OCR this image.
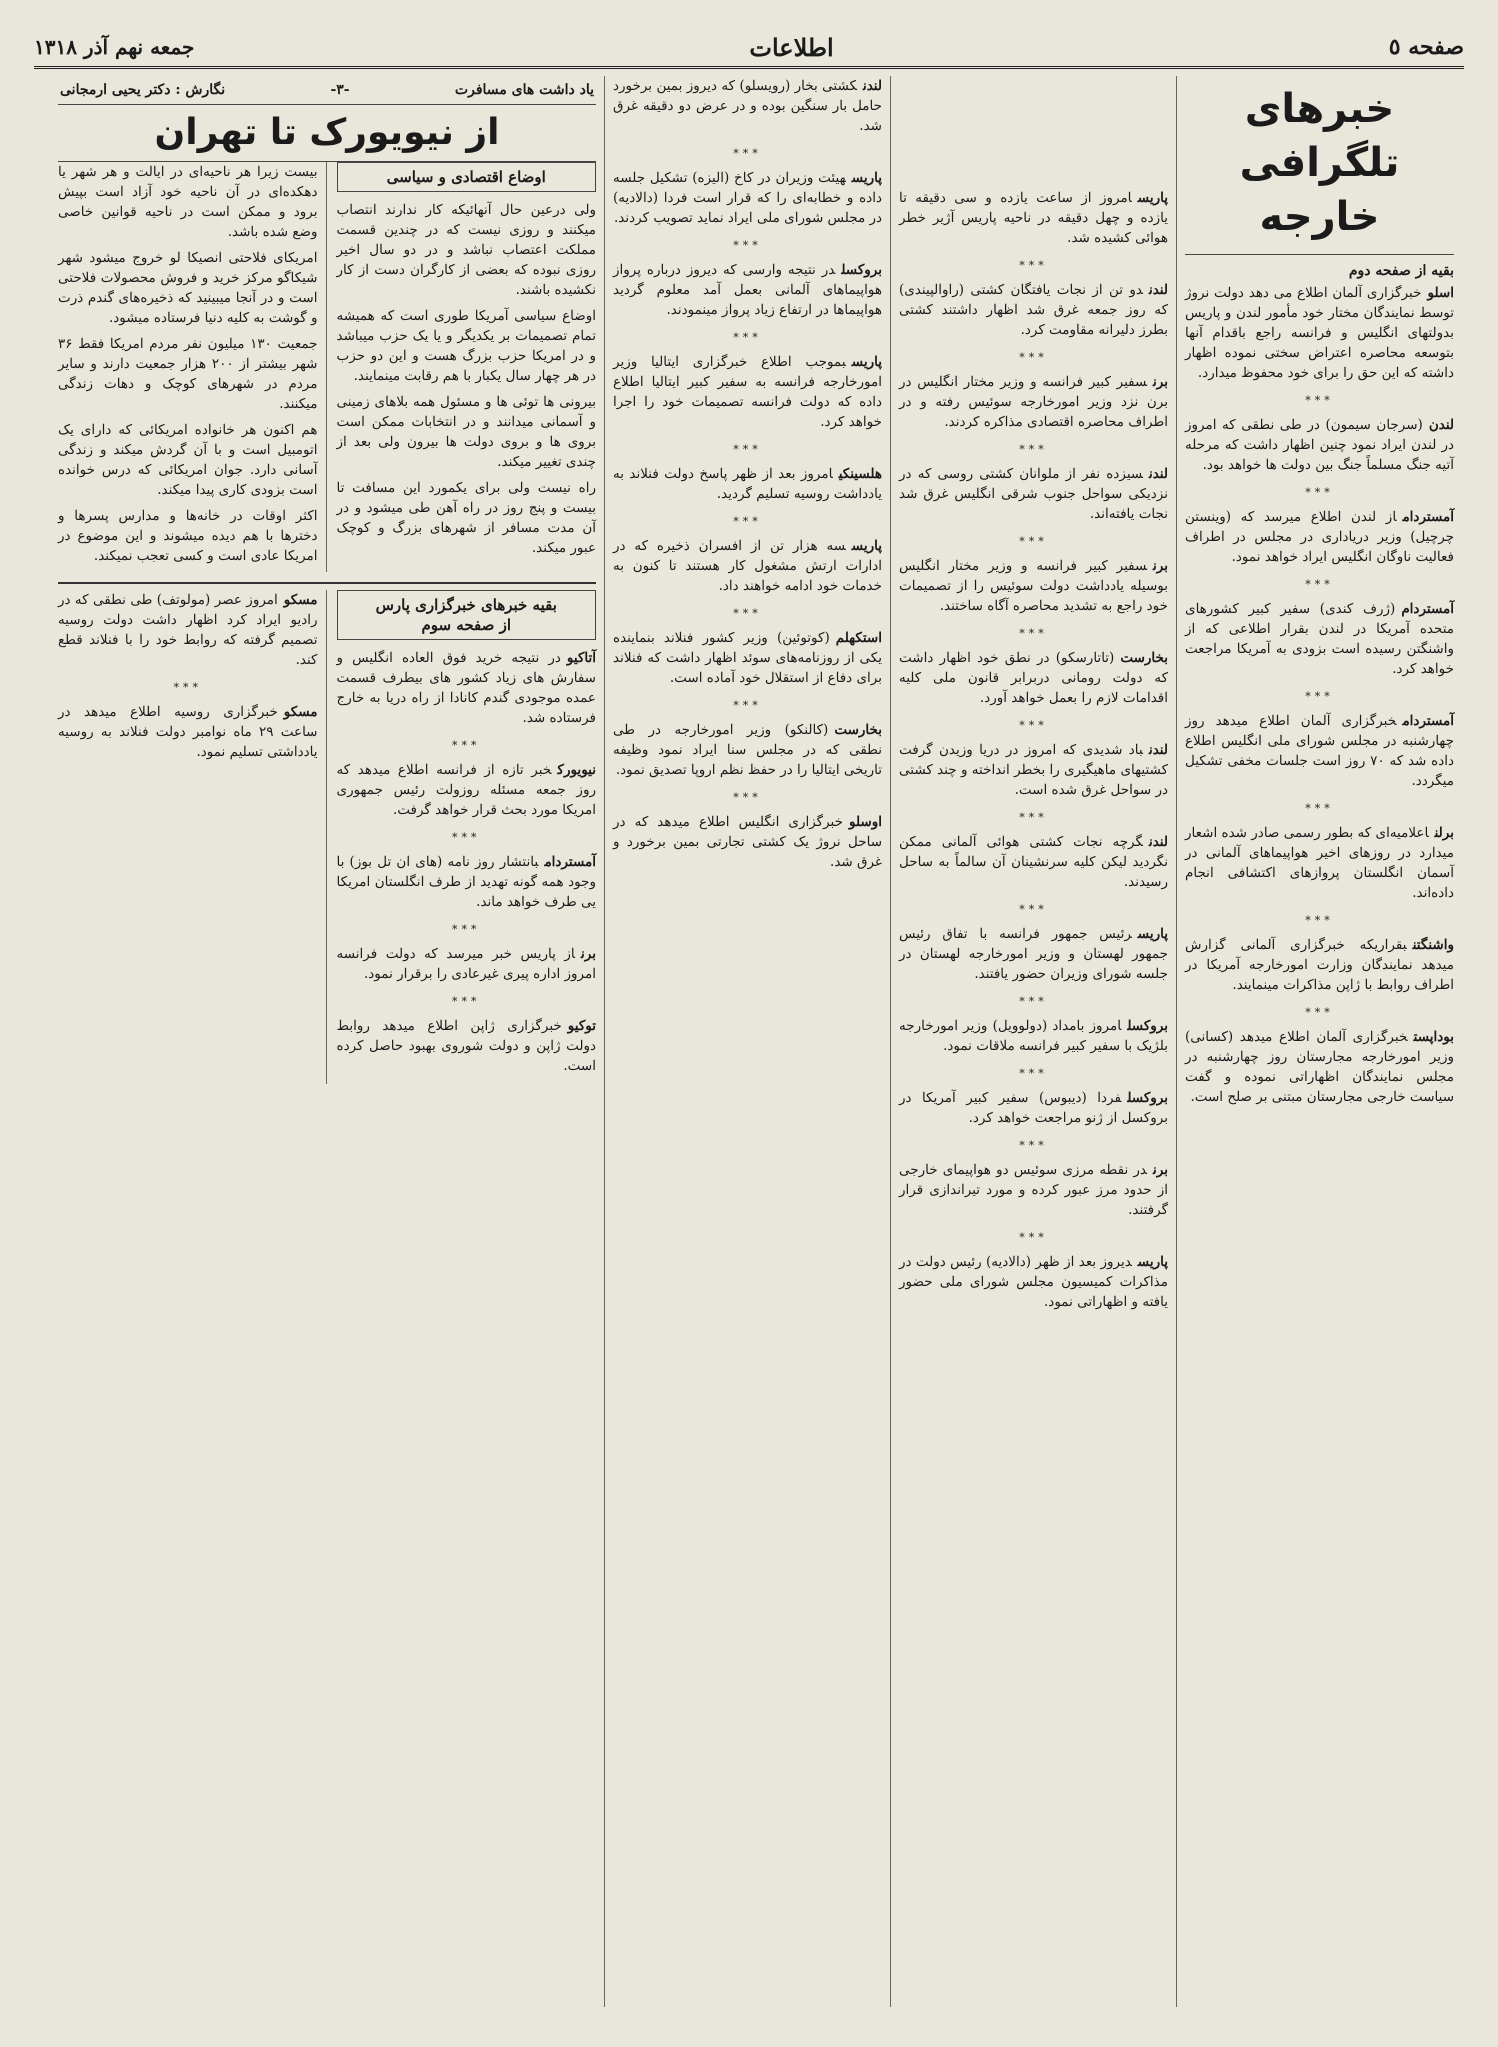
صفحه ٥
اطلاعات
جمعه نهم آذر ۱۳۱۸
خبرهای تلگرافی خارجه
بقیه از صفحه دوم
اسلوخبرگزاری آلمان اطلاع می دهد دولت نروژ توسط نمایندگان مختار خود مأمور لندن و پاریس بدولتهای انگلیس و فرانسه راجع باقدام آنها بتوسعه محاصره اعتراض سختی نموده اظهار داشته که این حق را برای خود محفوظ میدارد.
***
لندن(سرجان سیمون) در طی نطقی که امروز در لندن ایراد نمود چنین اظهار داشت که مرحله آتیه جنگ مسلماً جنگ بین دولت ها خواهد بود.
***
آمسترداماز لندن اطلاع میرسد که (وینستن چرچیل) وزیر دریاداری در مجلس در اطراف فعالیت ناوگان انگلیس ایراد خواهد نمود.
***
آمستردام(ژرف کندی) سفیر کبیر کشورهای متحده آمریکا در لندن بقرار اطلاعی که از واشنگتن رسیده است بزودی به آمریکا مراجعت خواهد کرد.
***
آمستردامخبرگزاری آلمان اطلاع میدهد روز چهارشنبه در مجلس شورای ملی انگلیس اطلاع داده شد که ۷۰ روز است جلسات مخفی تشکیل میگردد.
***
برلناعلامیه‌ای که بطور رسمی صادر شده اشعار میدارد در روزهای اخیر هواپیماهای آلمانی در آسمان انگلستان پروازهای اکتشافی انجام داده‌اند.
***
واشنگتنبقراریکه خبرگزاری آلمانی گزارش میدهد نمایندگان وزارت امورخارجه آمریکا در اطراف روابط با ژاپن مذاکرات مینمایند.
***
بوداپستخبرگزاری آلمان اطلاع میدهد (کسانی) وزیر امورخارجه مجارستان روز چهارشنبه در مجلس نمایندگان اظهاراتی نموده و گفت سیاست خارجی مجارستان مبتنی بر صلح است.
پاریسامروز از ساعت یازده و سی دقیقه تا یازده و چهل دقیقه در ناحیه پاریس آژیر خطر هوائی کشیده شد.
***
لندندو تن از نجات یافتگان کشتی (راوالپیندی) که روز جمعه غرق شد اظهار داشتند کشتی بطرز دلیرانه مقاومت کرد.
***
برنسفیر کبیر فرانسه و وزیر مختار انگلیس در برن نزد وزیر امورخارجه سوئیس رفته و در اطراف محاصره اقتصادی مذاکره کردند.
***
لندنسیزده نفر از ملوانان کشتی روسی که در نزدیکی سواحل جنوب شرقی انگلیس غرق شد نجات یافته‌اند.
***
برنسفیر کبیر فرانسه و وزیر مختار انگلیس بوسیله یادداشت دولت سوئیس را از تصمیمات خود راجع به تشدید محاصره آگاه ساختند.
***
بخارست(تاتارسکو) در نطق خود اظهار داشت که دولت رومانی دربرابر قانون ملی کلیه اقدامات لازم را بعمل خواهد آورد.
***
لندنباد شدیدی که امروز در دریا وزیدن گرفت کشتیهای ماهیگیری را بخطر انداخته و چند کشتی در سواحل غرق شده است.
***
لندنگرچه نجات کشتی هوائی آلمانی ممکن نگردید لیکن کلیه سرنشینان آن سالماً به ساحل رسیدند.
***
پاریسرئیس جمهور فرانسه با تفاق رئیس جمهور لهستان و وزیر امورخارجه لهستان در جلسه شورای وزیران حضور یافتند.
***
بروکسلامروز بامداد (دولوویل) وزیر امورخارجه بلژیک با سفیر کبیر فرانسه ملاقات نمود.
***
بروکسلفردا (دیبوس) سفیر کبیر آمریکا در بروکسل از ژنو مراجعت خواهد کرد.
***
برندر نقطه مرزی سوئیس دو هواپیمای خارجی از حدود مرز عبور کرده و مورد تیراندازی قرار گرفتند.
***
پاریسدیروز بعد از ظهر (دالادیه) رئیس دولت در مذاکرات کمیسیون مجلس شورای ملی حضور یافته و اظهاراتی نمود.
لندنکشتی بخار (رویسلو) که دیروز بمین برخورد حامل بار سنگین بوده و در عرض دو دقیقه غرق شد.
***
پاریسهیئت وزیران در کاخ (الیزه) تشکیل جلسه داده و خطابه‌ای را که قرار است فردا (دالادیه) در مجلس شورای ملی ایراد نماید تصویب کردند.
***
بروکسلدر نتیجه وارسی که دیروز درباره پرواز هواپیماهای آلمانی بعمل آمد معلوم گردید هواپیماها در ارتفاع زیاد پرواز مینمودند.
***
پاریسبموجب اطلاع خبرگزاری ایتالیا وزیر امورخارجه فرانسه به سفیر کبیر ایتالیا اطلاع داده که دولت فرانسه تصمیمات خود را اجرا خواهد کرد.
***
هلسینکیامروز بعد از ظهر پاسخ دولت فنلاند به یادداشت روسیه تسلیم گردید.
***
پاریسسه هزار تن از افسران ذخیره که در ادارات ارتش مشغول کار هستند تا کنون به خدمات خود ادامه خواهند داد.
***
استکهلم(کوتوئین) وزیر کشور فنلاند بنماینده یکی از روزنامه‌های سوئد اظهار داشت که فنلاند برای دفاع از استقلال خود آماده است.
***
بخارست(کالنکو) وزیر امورخارجه در طی نطقی که در مجلس سنا ایراد نمود وظیفه تاریخی ایتالیا را در حفظ نظم اروپا تصدیق نمود.
***
اوسلوخبرگزاری انگلیس اطلاع میدهد که در ساحل نروژ یک کشتی تجارتی بمین برخورد و غرق شد.
یاد داشت های مسافرت
-۳-
نگارش : دکتر یحیی ارمجانی
از نیویورک تا تهران
اوضاع اقتصادی و سیاسی

ولی درعین حال آنهائیکه کار ندارند انتصاب میکنند و روزی نیست که در چندین قسمت مملکت اعتصاب نباشد و در دو سال اخیر روزی نبوده که بعضی از کارگران دست از کار نکشیده باشند.

اوضاع سیاسی آمریکا طوری است که همیشه تمام تصمیمات بر یکدیگر و یا یک حزب میباشد و در امریکا حزب بزرگ هست و این دو حزب در هر چهار سال یکبار با هم رقابت مینمایند.

بیرونی ها توئی ها و مسئول همه بلاهای زمینی و آسمانی میدانند و در انتخابات ممکن است بروی ها و بروی دولت ها بیرون ولی بعد از چندی تغییر میکند.

راه نیست ولی برای یکمورد این مسافت تا بیست و پنج روز در راه آهن طی میشود و در آن مدت مسافر از شهرهای بزرگ و کوچک عبور میکند.

بیست زیرا هر ناحیه‌ای در ایالت و هر شهر یا دهکده‌ای در آن ناحیه خود آزاد است بپیش برود و ممکن است در ناحیه قوانین خاصی وضع شده باشد.

امریکای فلاحتی انصیکا لو خروج میشود شهر شیکاگو مرکز خرید و فروش محصولات فلاحتی است و در آنجا میبینید که ذخیره‌های گندم ذرت و گوشت به کلیه دنیا فرستاده میشود.

جمعیت ۱۳۰ میلیون نفر مردم امریکا فقط ۳۶ شهر بیشتر از ۲۰۰ هزار جمعیت دارند و سایر مردم در شهرهای کوچک و دهات زندگی میکنند.

هم اکنون هر خانواده امریکائی که دارای یک اتومبیل است و با آن گردش میکند و زندگی آسانی دارد. جوان امریکائی که درس خوانده است بزودی کاری پیدا میکند.

اکثر اوقات در خانه‌ها و مدارس پسرها و دخترها با هم دیده میشوند و این موضوع در امریکا عادی است و کسی تعجب نمیکند.

بقیه خبرهای خبرگزاری پارس
از صفحه سوم
آتاکیودر نتیجه خرید فوق العاده انگلیس و سفارش های زیاد کشور های بیطرف قسمت عمده موجودی گندم کانادا از راه دریا به خارج فرستاده شد.
***
نیویورکخبر تازه از فرانسه اطلاع میدهد که روز جمعه مسئله روزولت رئیس جمهوری امریکا مورد بحث قرار خواهد گرفت.
***
آمستردامبانتشار روز نامه (های ان تل بوز) با وجود همه گونه تهدید از طرف انگلستان امریکا یی طرف خواهد ماند.
***
برناز پاریس خبر میرسد که دولت فرانسه امروز اداره پیری غیرعادی را برقرار نمود.
***
توکیوخبرگزاری ژاپن اطلاع میدهد روابط دولت ژاپن و دولت شوروی بهبود حاصل کرده است.
مسکوامروز عصر (مولوتف) طی نطقی که در رادیو ایراد کرد اظهار داشت دولت روسیه تصمیم گرفته که روابط خود را با فنلاند قطع کند.
***
مسکوخبرگزاری روسیه اطلاع میدهد در ساعت ۲۹ ماه نوامبر دولت فنلاند به روسیه یادداشتی تسلیم نمود.
